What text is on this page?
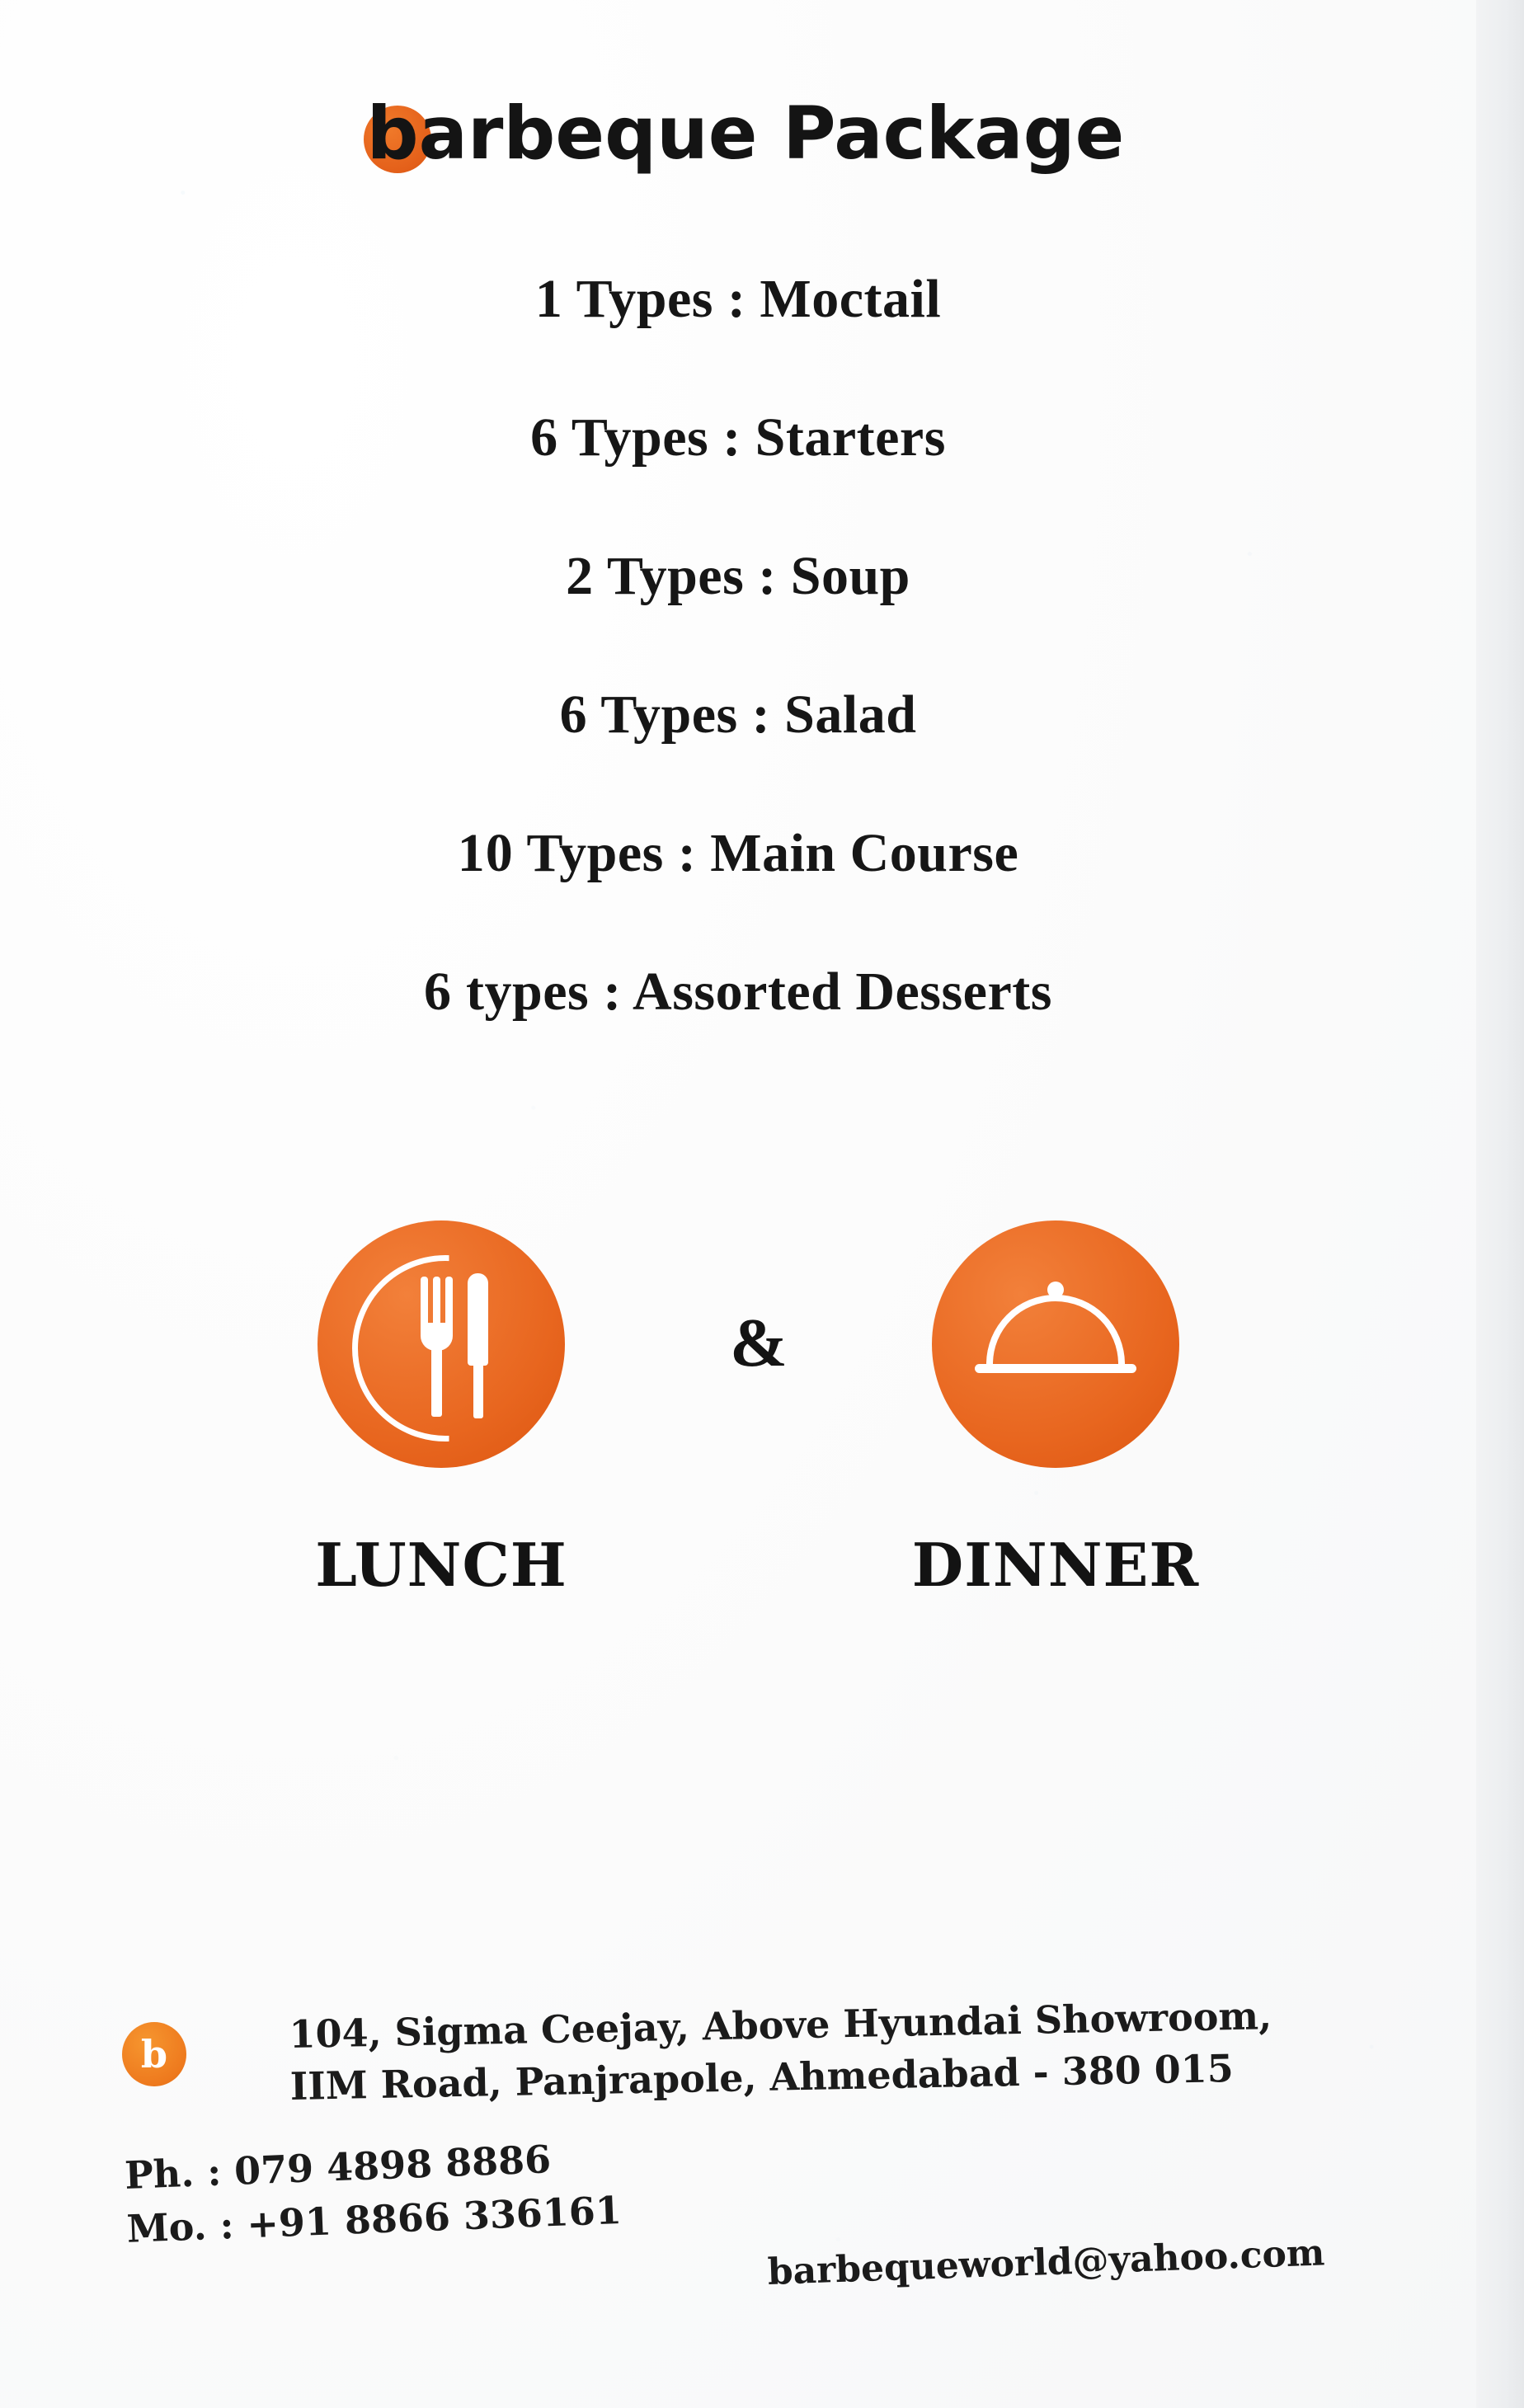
barbeque Package
1 Types : Moctail
6 Types : Starters
2 Types : Soup
6 Types : Salad
10 Types : Main Course
6 types : Assorted Desserts
&
LUNCH	DINNER
b	104, Sigma Ceejay, Above Hyundai Showroom,
IIM Road, Panjrapole, Ahmedabad - 380 015
Ph. : 079 4898 8886
Mo. : +91 8866 336161
barbequeworld@yahoo.com
